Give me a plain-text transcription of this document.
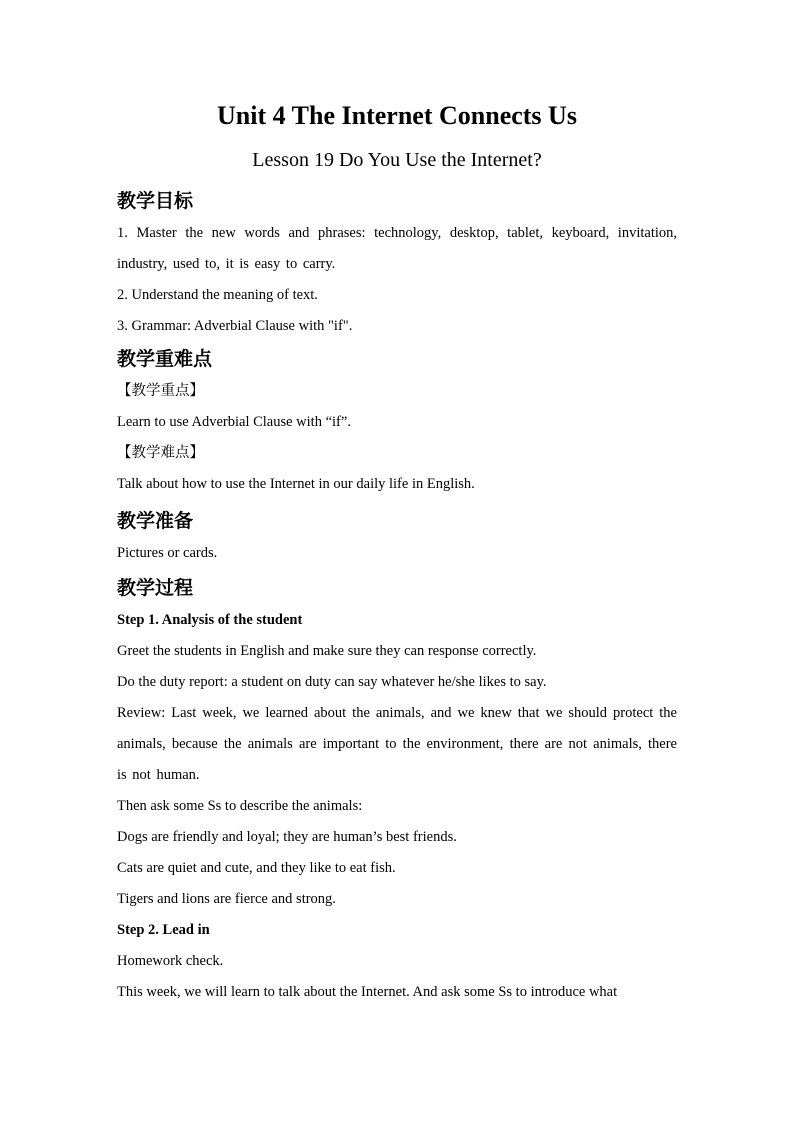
Unit 4 The Internet Connects Us
Lesson 19 Do You Use the Internet?

教学目标

1. Master the new words and phrases: technology, desktop, tablet, keyboard, invitation, industry, used to, it is easy to carry.

2. Understand the meaning of text.

3. Grammar: Adverbial Clause with "if".

教学重难点

【教学重点】

Learn to use Adverbial Clause with “if”.

【教学难点】

Talk about how to use the Internet in our daily life in English.

教学准备

Pictures or cards.

教学过程

Step 1. Analysis of the student

Greet the students in English and make sure they can response correctly.

Do the duty report: a student on duty can say whatever he/she likes to say.

Review: Last week, we learned about the animals, and we knew that we should protect the animals, because the animals are important to the environment, there are not animals, there is not human.

Then ask some Ss to describe the animals:

Dogs are friendly and loyal; they are human’s best friends.

Cats are quiet and cute, and they like to eat fish.

Tigers and lions are fierce and strong.

Step 2. Lead in

Homework check.

This week, we will learn to talk about the Internet. And ask some Ss to introduce what
